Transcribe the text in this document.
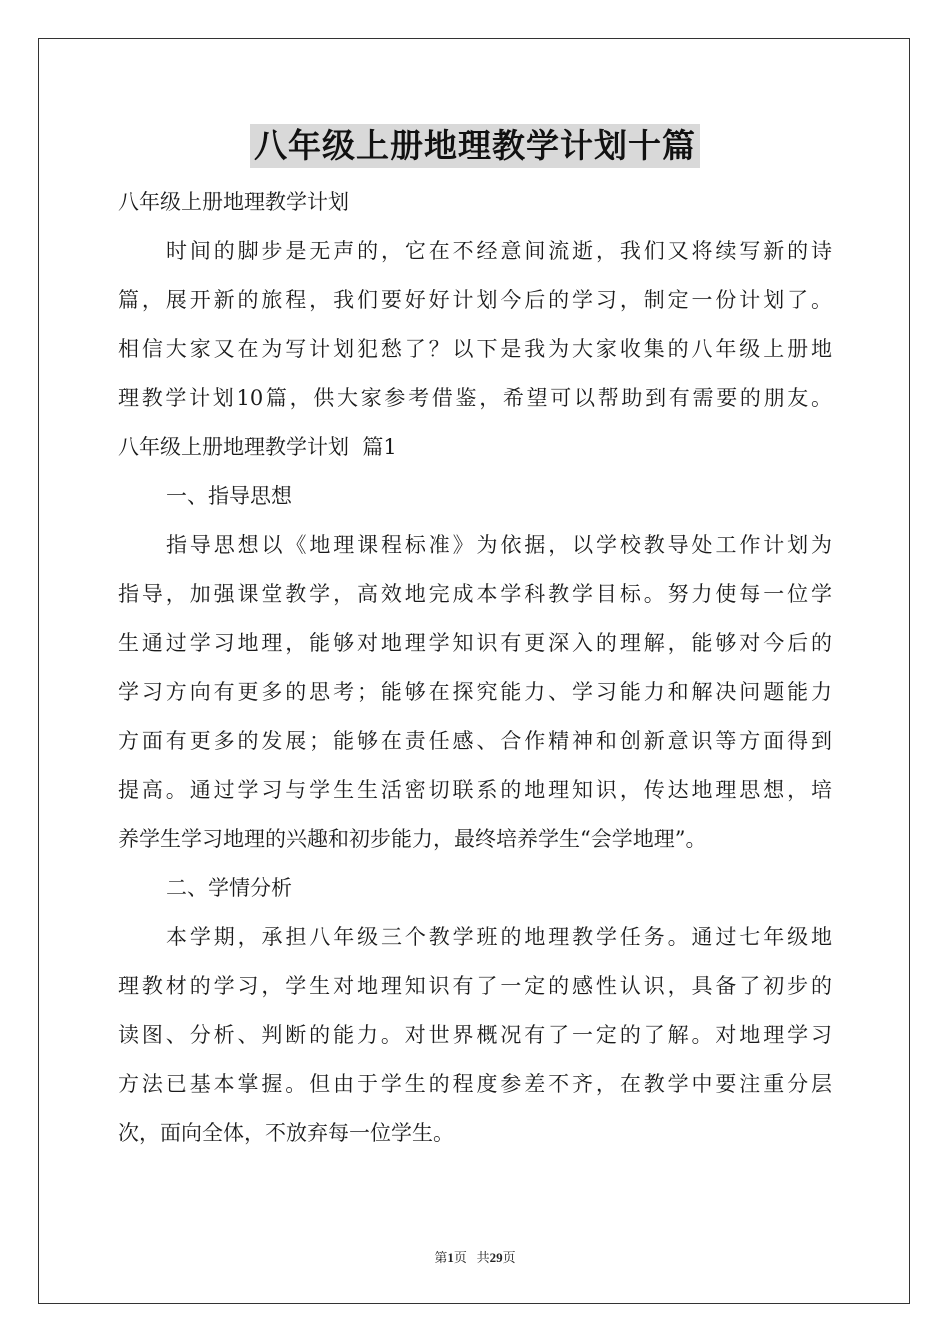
八年级上册地理教学计划十篇
八年级上册地理教学计划
时间的脚步是无声的，它在不经意间流逝，我们又将续写新的诗
篇，展开新的旅程，我们要好好计划今后的学习，制定一份计划了。
相信大家又在为写计划犯愁了？以下是我为大家收集的八年级上册地
理教学计划10篇，供大家参考借鉴，希望可以帮助到有需要的朋友。
八年级上册地理教学计划  篇1
一、指导思想
指导思想以《地理课程标准》为依据，以学校教导处工作计划为
指导，加强课堂教学，高效地完成本学科教学目标。努力使每一位学
生通过学习地理，能够对地理学知识有更深入的理解，能够对今后的
学习方向有更多的思考；能够在探究能力、学习能力和解决问题能力
方面有更多的发展；能够在责任感、合作精神和创新意识等方面得到
提高。通过学习与学生生活密切联系的地理知识，传达地理思想，培
养学生学习地理的兴趣和初步能力，最终培养学生“会学地理”。
二、学情分析
本学期，承担八年级三个教学班的地理教学任务。通过七年级地
理教材的学习，学生对地理知识有了一定的感性认识，具备了初步的
读图、分析、判断的能力。对世界概况有了一定的了解。对地理学习
方法已基本掌握。但由于学生的程度参差不齐，在教学中要注重分层
次，面向全体，不放弃每一位学生。
第1页 共29页
